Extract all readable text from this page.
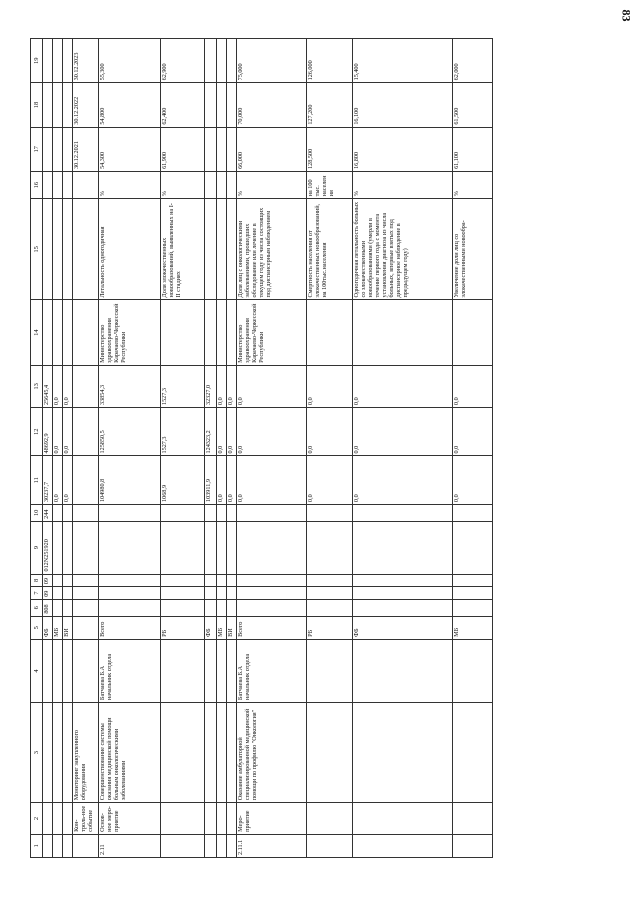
83
1	2	3	4	5	6	7	8	9	10	11	12	13	14	15	16	17	18	19
				ФБ	808	09	09	012N251920	244	30237,7	48692,9	25645,4						
				МБ						0,0	0,0	0,0						
				ВИ						0,0	0,0	0,0						
	Кон-троль-ное событие	Мониторинг закупленного оборудования														30.12.2021	30.12.2022	30.12.2023
2.11	Основ-ное меро-приятие	Совершенствование системы оказания медицинской помощи больным онкологическими заболеваниями	Батчаева Б.А начальник отдела	Всего						104980,8	125850,5	33854,3	Министерство здравоохранения Карачаево-Черкесской Республики	Летальность одногодичная	%	54,300	54,800	55,300
				РБ						1068,9	1527,3	1527,3		Доля злокачественных новообразований, выявленных на I-II стадиях	%	61,900	62,400	62,900
				ФБ						103911,9	124323,2	32327,0						
				МБ						0,0	0,0	0,0						
				ВИ						0,0	0,0	0,0						
2.11.1	Меро-приятие	Оказание амбулаторной специализированной медицинской помощи по профилю "Онкология"	Батчаева Б.А начальник отдела	Всего						0,0	0,0	0,0	Министерство здравоохранения Карачаево-Черкесской Республики	Доля лиц с онкологическими заболеваниями, прошедших обследование или лечение в текущем году из числа состоящих под диспансерным наблюдением	%	66,000	70,000	75,000
				РБ						0,0	0,0	0,0		Смертность населения от злокачественных новообразований, на 100тыс.населения	на 100 тыс. населения	128,500	127,200	126,000
				ФБ						0,0	0,0	0,0		Одногодичная летальность больных со злокачественными новообразованиями (умерли в течение первого года с момента установления диагноза из числа больных, впервые взятых под диспансерное наблюдение в предыдущем году)	%	16,800	16,100	15,400
				МБ						0,0	0,0	0,0		Увеличение доли лиц со злокачественными новообра-	%	61,100	61,500	62,000
